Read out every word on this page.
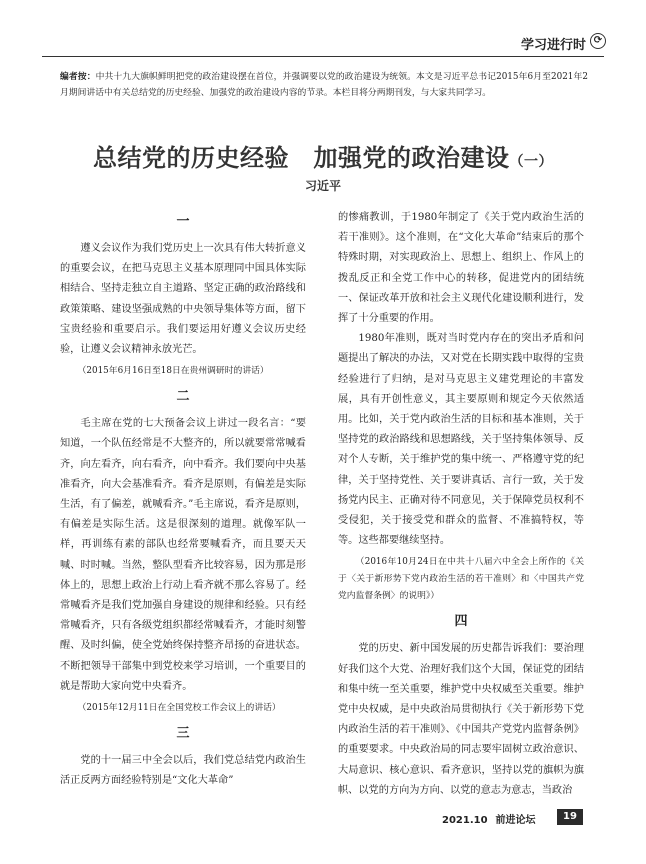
学习进行时 ⟳
编者按：中共十九大旗帜鲜明把党的政治建设摆在首位，并强调要以党的政治建设为统领。本文是习近平总书记2015年6月至2021年2月期间讲话中有关总结党的历史经验、加强党的政治建设内容的节录。本栏目将分两期刊发，与大家共同学习。
总结党的历史经验　加强党的政治建设（一）
习近平
一

遵义会议作为我们党历史上一次具有伟大转折意义的重要会议，在把马克思主义基本原理同中国具体实际相结合、坚持走独立自主道路、坚定正确的政治路线和政策策略、建设坚强成熟的中央领导集体等方面，留下宝贵经验和重要启示。我们要运用好遵义会议历史经验，让遵义会议精神永放光芒。

（2015年6月16日至18日在贵州调研时的讲话）

二

毛主席在党的七大预备会议上讲过一段名言：“要知道，一个队伍经常是不大整齐的，所以就要常常喊看齐，向左看齐，向右看齐，向中看齐。我们要向中央基准看齐，向大会基准看齐。看齐是原则，有偏差是实际生活，有了偏差，就喊看齐。”毛主席说，看齐是原则，有偏差是实际生活。这是很深刻的道理。就像军队一样，再训练有素的部队也经常要喊看齐，而且要天天喊、时时喊。当然，整队型看齐比较容易，因为那是形体上的，思想上政治上行动上看齐就不那么容易了。经常喊看齐是我们党加强自身建设的规律和经验。只有经常喊看齐，只有各级党组织都经常喊看齐，才能时刻警醒、及时纠偏，使全党始终保持整齐昂扬的奋进状态。不断把领导干部集中到党校来学习培训，一个重要目的就是帮助大家向党中央看齐。

（2015年12月11日在全国党校工作会议上的讲话）

三

党的十一届三中全会以后，我们党总结党内政治生活正反两方面经验特别是“文化大革命”

的惨痛教训，于1980年制定了《关于党内政治生活的若干准则》。这个准则，在“文化大革命”结束后的那个特殊时期，对实现政治上、思想上、组织上、作风上的拨乱反正和全党工作中心的转移，促进党内的团结统一、保证改革开放和社会主义现代化建设顺利进行，发挥了十分重要的作用。

1980年准则，既对当时党内存在的突出矛盾和问题提出了解决的办法，又对党在长期实践中取得的宝贵经验进行了归纳，是对马克思主义建党理论的丰富发展，具有开创性意义，其主要原则和规定今天依然适用。比如，关于党内政治生活的目标和基本准则，关于坚持党的政治路线和思想路线，关于坚持集体领导、反对个人专断，关于维护党的集中统一、严格遵守党的纪律，关于坚持党性、关于要讲真话、言行一致，关于发扬党内民主、正确对待不同意见，关于保障党员权利不受侵犯，关于接受党和群众的监督、不准搞特权，等等。这些都要继续坚持。

（2016年10月24日在中共十八届六中全会上所作的《关于〈关于新形势下党内政治生活的若干准则〉和〈中国共产党党内监督条例〉的说明》）

四

党的历史、新中国发展的历史都告诉我们：要治理好我们这个大党、治理好我们这个大国，保证党的团结和集中统一至关重要，维护党中央权威至关重要。维护党中央权威，是中央政治局贯彻执行《关于新形势下党内政治生活的若干准则》、《中国共产党党内监督条例》的重要要求。中央政治局的同志要牢固树立政治意识、大局意识、核心意识、看齐意识，坚持以党的旗帜为旗帜、以党的方向为方向、以党的意志为意志，当政治

2021.10 前进论坛	19
